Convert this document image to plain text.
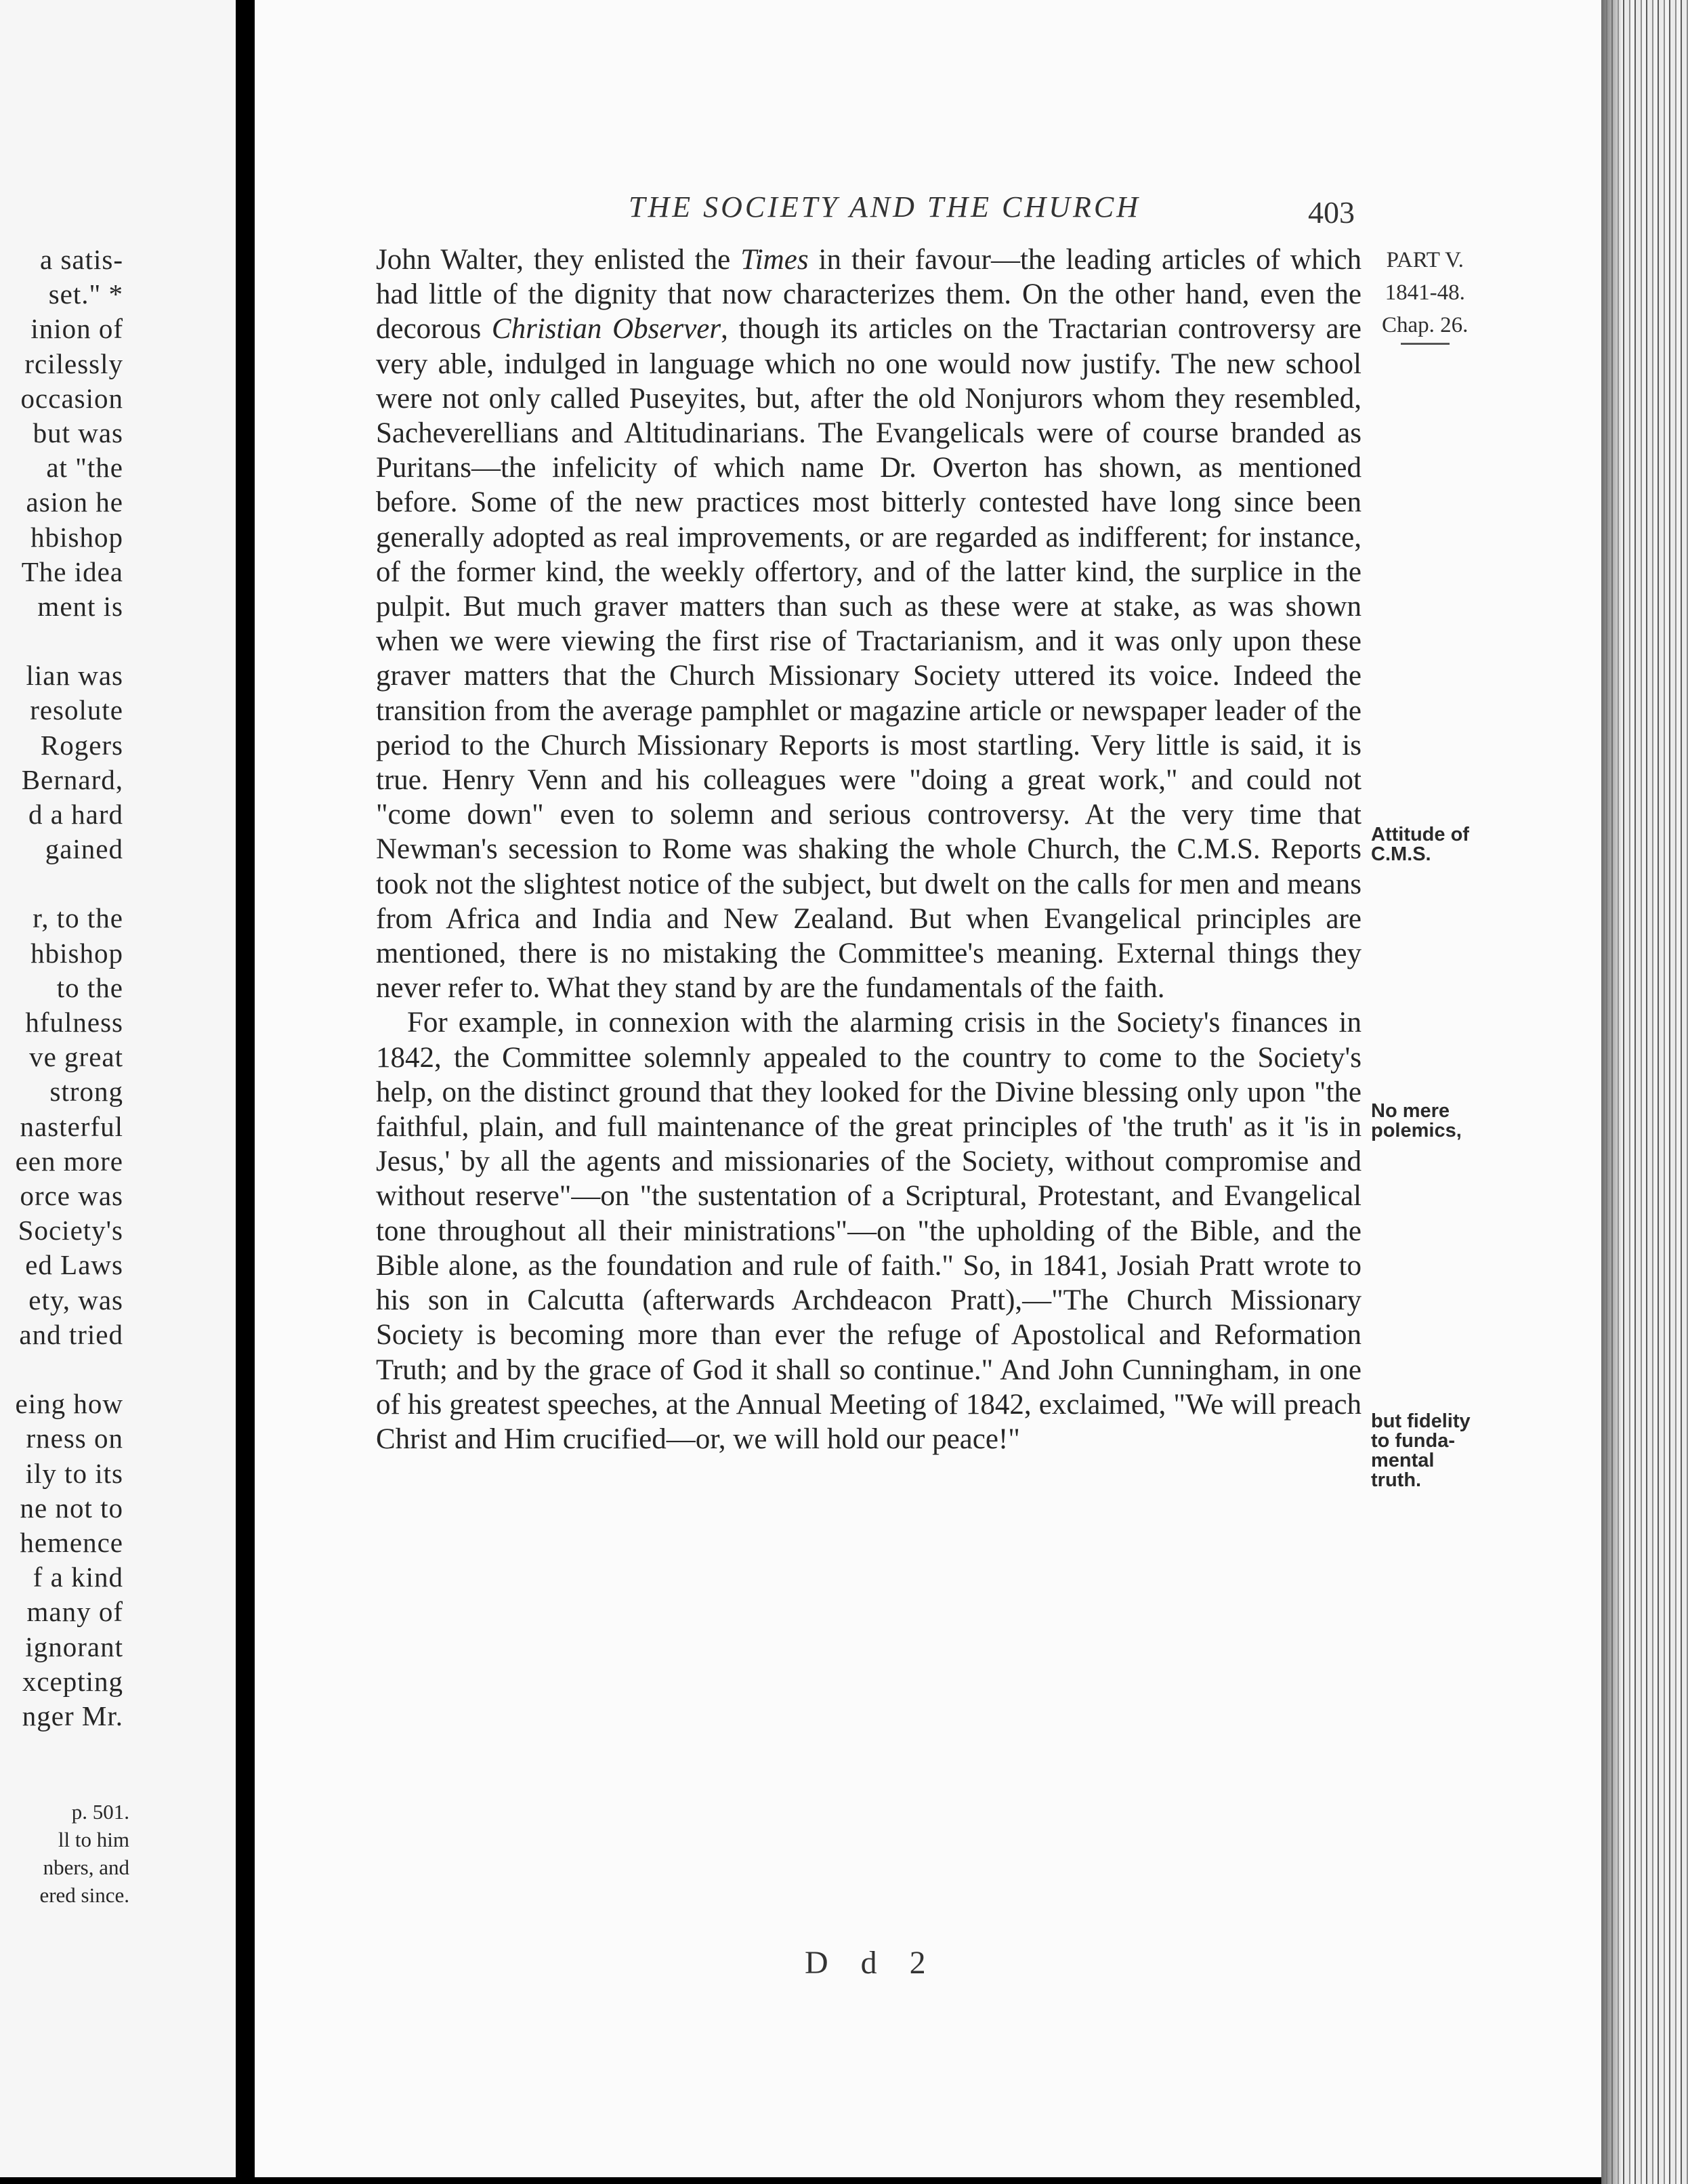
a satis-
set." *
inion of
rcilessly
occasion
but was
at "the
asion he
hbishop
The idea
ment is
lian was
resolute
Rogers
Bernard,
d a hard
gained
r, to the
hbishop
to the
hfulness
ve great
strong
nasterful
een more
orce was
Society's
ed Laws
ety, was
and tried
eing how
rness on
ily to its
ne not to
hemence
f a kind
many of
ignorant
xcepting
nger Mr.
p. 501.
ll to him
nbers, and
ered since.
THE SOCIETY AND THE CHURCH	403
PART V.
1841-48.
Chap. 26.
Attitude of
C.M.S.
No mere
polemics,
but fidelity
to funda-
mental
truth.

John Walter, they enlisted the Times in their favour—the leading articles of which had little of the dignity that now characterizes them. On the other hand, even the decorous Christian Observer, though its articles on the Tractarian controversy are very able, indulged in language which no one would now justify. The new school were not only called Puseyites, but, after the old Nonjurors whom they resembled, Sacheverellians and Altitudinarians. The Evangelicals were of course branded as Puritans—the infelicity of which name Dr. Overton has shown, as mentioned before. Some of the new practices most bitterly contested have long since been generally adopted as real improvements, or are regarded as indifferent; for instance, of the former kind, the weekly offertory, and of the latter kind, the surplice in the pulpit. But much graver matters than such as these were at stake, as was shown when we were viewing the first rise of Tractarianism, and it was only upon these graver matters that the Church Missionary Society uttered its voice. Indeed the transition from the average pamphlet or magazine article or newspaper leader of the period to the Church Missionary Reports is most startling. Very little is said, it is true. Henry Venn and his colleagues were "doing a great work," and could not "come down" even to solemn and serious controversy. At the very time that Newman's secession to Rome was shaking the whole Church, the C.M.S. Reports took not the slightest notice of the subject, but dwelt on the calls for men and means from Africa and India and New Zealand. But when Evangelical principles are mentioned, there is no mistaking the Committee's meaning. External things they never refer to. What they stand by are the fundamentals of the faith.

For example, in connexion with the alarming crisis in the Society's finances in 1842, the Committee solemnly appealed to the country to come to the Society's help, on the distinct ground that they looked for the Divine blessing only upon "the faithful, plain, and full maintenance of the great principles of 'the truth' as it 'is in Jesus,' by all the agents and missionaries of the Society, without compromise and without reserve"—on "the sustentation of a Scriptural, Protestant, and Evangelical tone throughout all their ministrations"—on "the upholding of the Bible, and the Bible alone, as the foundation and rule of faith." So, in 1841, Josiah Pratt wrote to his son in Calcutta (afterwards Archdeacon Pratt),—"The Church Missionary Society is becoming more than ever the refuge of Apostolical and Reformation Truth; and by the grace of God it shall so continue." And John Cunningham, in one of his greatest speeches, at the Annual Meeting of 1842, exclaimed, "We will preach Christ and Him crucified—or, we will hold our peace!"

D d 2
